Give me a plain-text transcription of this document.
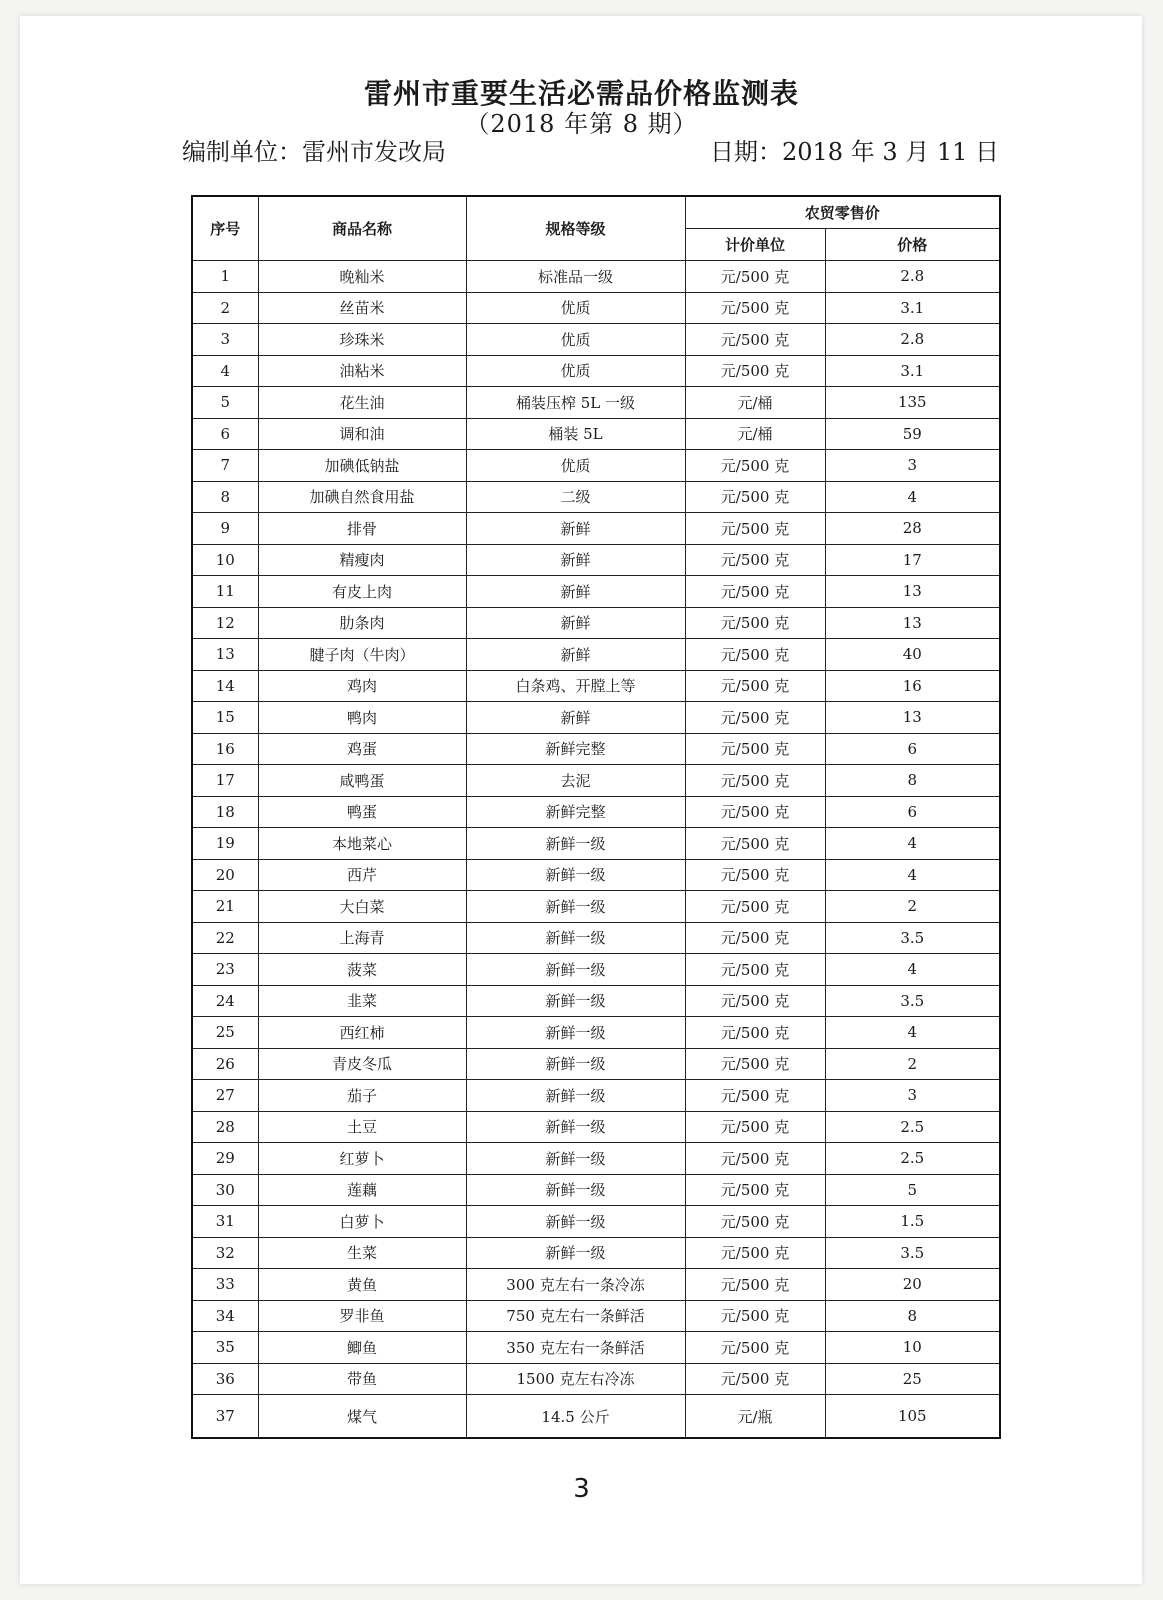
雷州市重要生活必需品价格监测表
（2018 年第 8 期）
编制单位：雷州市发改局	日期：2018 年 3 月 11 日
序号	商品名称	规格等级	农贸零售价	
			计价单位	价格
1	晚籼米	标准品一级	元/500 克	2.8
2	丝苗米	优质	元/500 克	3.1
3	珍珠米	优质	元/500 克	2.8
4	油粘米	优质	元/500 克	3.1
5	花生油	桶装压榨 5L 一级	元/桶	135
6	调和油	桶装 5L	元/桶	59
7	加碘低钠盐	优质	元/500 克	3
8	加碘自然食用盐	二级	元/500 克	4
9	排骨	新鲜	元/500 克	28
10	精瘦肉	新鲜	元/500 克	17
11	有皮上肉	新鲜	元/500 克	13
12	肋条肉	新鲜	元/500 克	13
13	腱子肉（牛肉）	新鲜	元/500 克	40
14	鸡肉	白条鸡、开膛上等	元/500 克	16
15	鸭肉	新鲜	元/500 克	13
16	鸡蛋	新鲜完整	元/500 克	6
17	咸鸭蛋	去泥	元/500 克	8
18	鸭蛋	新鲜完整	元/500 克	6
19	本地菜心	新鲜一级	元/500 克	4
20	西芹	新鲜一级	元/500 克	4
21	大白菜	新鲜一级	元/500 克	2
22	上海青	新鲜一级	元/500 克	3.5
23	菠菜	新鲜一级	元/500 克	4
24	韭菜	新鲜一级	元/500 克	3.5
25	西红柿	新鲜一级	元/500 克	4
26	青皮冬瓜	新鲜一级	元/500 克	2
27	茄子	新鲜一级	元/500 克	3
28	土豆	新鲜一级	元/500 克	2.5
29	红萝卜	新鲜一级	元/500 克	2.5
30	莲藕	新鲜一级	元/500 克	5
31	白萝卜	新鲜一级	元/500 克	1.5
32	生菜	新鲜一级	元/500 克	3.5
33	黄鱼	300 克左右一条冷冻	元/500 克	20
34	罗非鱼	750 克左右一条鲜活	元/500 克	8
35	鲫鱼	350 克左右一条鲜活	元/500 克	10
36	带鱼	1500 克左右冷冻	元/500 克	25
37	煤气	14.5 公斤	元/瓶	105
3
